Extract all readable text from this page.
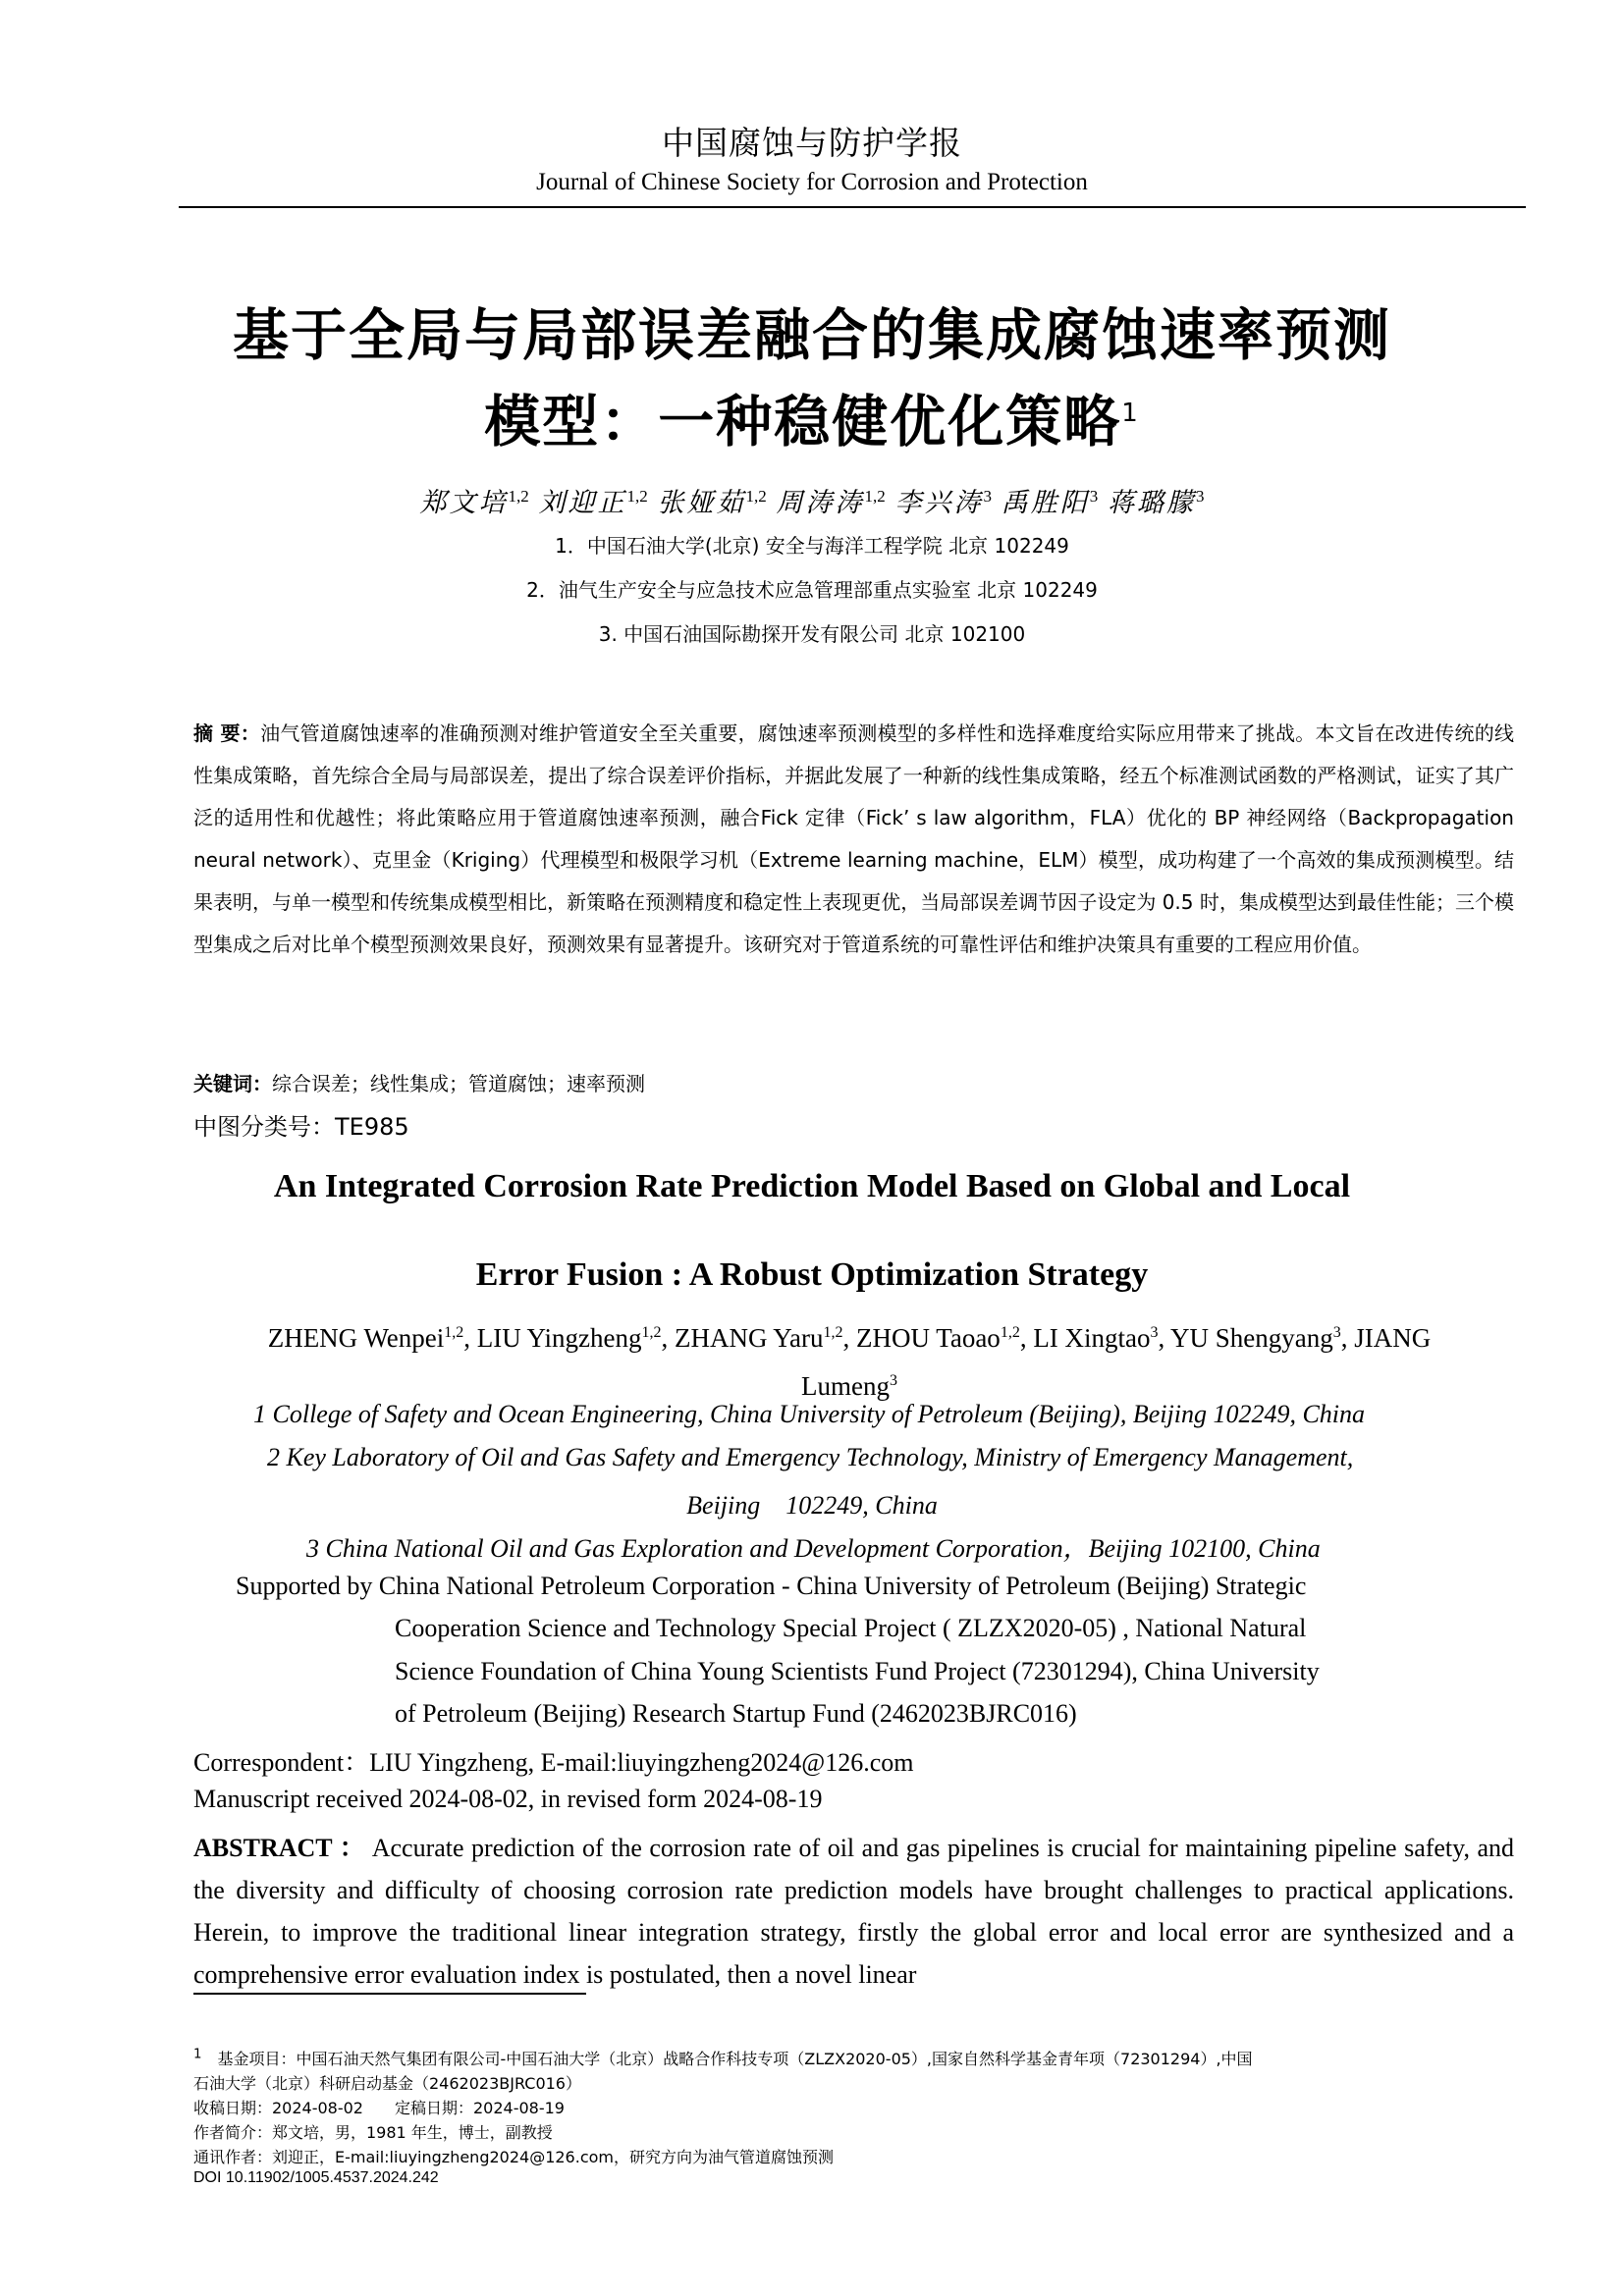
中国腐蚀与防护学报
Journal of Chinese Society for Corrosion and Protection
基于全局与局部误差融合的集成腐蚀速率预测
模型：一种稳健优化策略$^1$
郑文培$^{1,2}$ 刘迎正$^{1,2}$ 张娅茹$^{1,2}$ 周涛涛$^{1,2}$ 李兴涛$^3$ 禹胜阳$^3$ 蒋璐朦$^3$
1．中国石油大学(北京) 安全与海洋工程学院 北京 102249
2．油气生产安全与应急技术应急管理部重点实验室 北京 102249
3. 中国石油国际勘探开发有限公司 北京 102100
摘 要：油气管道腐蚀速率的准确预测对维护管道安全至关重要，腐蚀速率预测模型的多样性和选择难度给实际应用带来了挑战。本文旨在改进传统的线性集成策略，首先综合全局与局部误差，提出了综合误差评价指标，并据此发展了一种新的线性集成策略，经五个标准测试函数的严格测试，证实了其广泛的适用性和优越性；将此策略应用于管道腐蚀速率预测，融合Fick 定律（Fick’ s law algorithm，FLA）优化的 BP 神经网络（Backpropagation neural network）、克里金（Kriging）代理模型和极限学习机（Extreme learning machine，ELM）模型，成功构建了一个高效的集成预测模型。结果表明，与单一模型和传统集成模型相比，新策略在预测精度和稳定性上表现更优，当局部误差调节因子设定为 0.5 时，集成模型达到最佳性能；三个模型集成之后对比单个模型预测效果良好，预测效果有显著提升。该研究对于管道系统的可靠性评估和维护决策具有重要的工程应用价值。
关键词：综合误差；线性集成；管道腐蚀；速率预测
中图分类号：TE985
An Integrated Corrosion Rate Prediction Model Based on Global and Local
Error Fusion : A Robust Optimization Strategy
ZHENG Wenpei$^{1,2}$, LIU Yingzheng$^{1,2}$, ZHANG Yaru$^{1,2}$, ZHOU Taoao$^{1,2}$, LI Xingtao$^3$, YU Shengyang$^3$, JIANG Lumeng$^3$
1 College of Safety and Ocean Engineering, China University of Petroleum (Beijing), Beijing 102249, China
2 Key Laboratory of Oil and Gas Safety and Emergency Technology, Ministry of Emergency Management,
Beijing　102249, China
3 China National Oil and Gas Exploration and Development Corporation，Beijing 102100, China
Supported by China National Petroleum Corporation - China University of Petroleum (Beijing) Strategic
Cooperation Science and Technology Special Project ( ZLZX2020-05) , National Natural
Science Foundation of China Young Scientists Fund Project (72301294), China University
of Petroleum (Beijing) Research Startup Fund (2462023BJRC016)
Correspondent：LIU Yingzheng, E-mail:liuyingzheng2024@126.com
Manuscript received 2024-08-02, in revised form 2024-08-19
ABSTRACT ： Accurate prediction of the corrosion rate of oil and gas pipelines is crucial for maintaining pipeline safety, and the diversity and difficulty of choosing corrosion rate prediction models have brought challenges to practical applications. Herein, to improve the traditional linear integration strategy, firstly the global error and local error are synthesized and a comprehensive error evaluation index is postulated, then a novel linear
$^1$　 基金项目：中国石油天然气集团有限公司-中国石油大学（北京）战略合作科技专项（ZLZX2020-05）,国家自然科学基金青年项（72301294）,中国
石油大学（北京）科研启动基金（2462023BJRC016）
收稿日期：2024-08-02　　定稿日期：2024-08-19
作者简介：郑文培，男，1981 年生，博士，副教授
通讯作者：刘迎正，E-mail:liuyingzheng2024@126.com，研究方向为油气管道腐蚀预测
DOI 10.11902/1005.4537.2024.242
